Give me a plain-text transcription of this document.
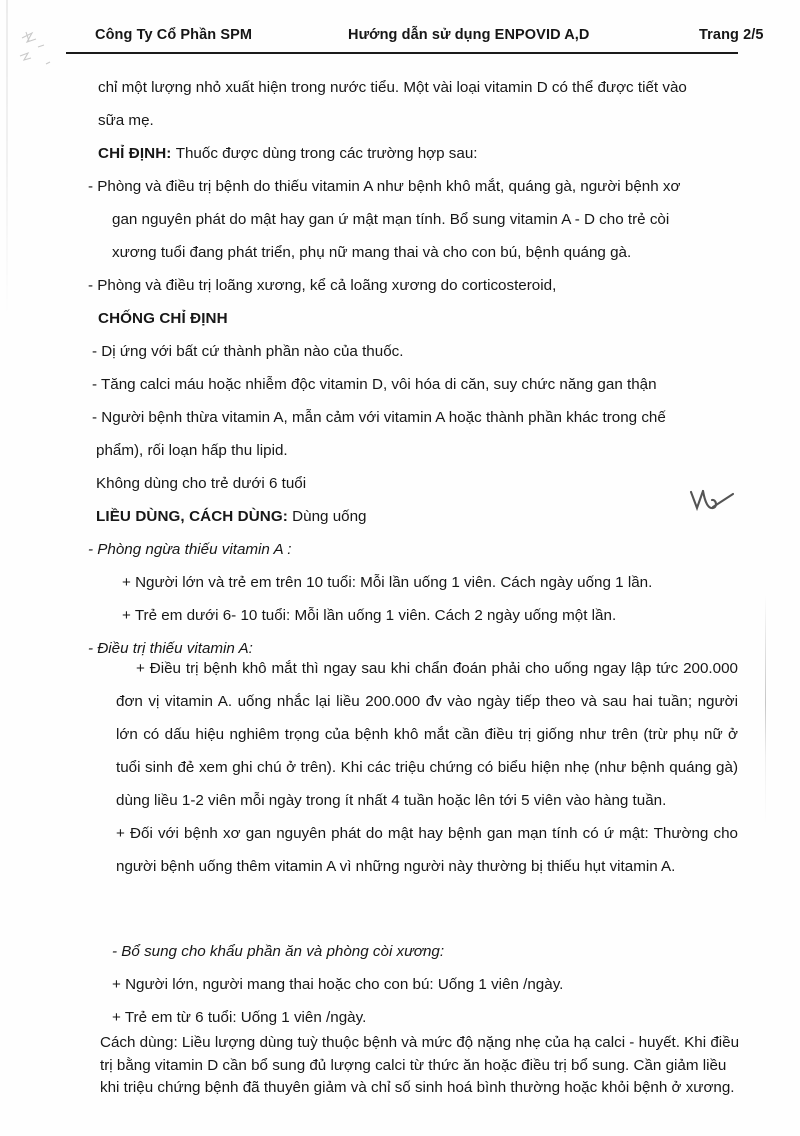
Công Ty Cổ Phần SPM	Hướng dẫn sử dụng ENPOVID A,D	Trang 2/5
chỉ một lượng nhỏ xuất hiện trong nước tiểu. Một vài loại vitamin D có thể được tiết vào
sữa mẹ.
CHỈ ĐỊNH: Thuốc được dùng trong các trường hợp sau:
- Phòng và điều trị bệnh do thiếu vitamin A như bệnh khô mắt, quáng gà, người bệnh xơ
gan nguyên phát do mật hay gan ứ mật mạn tính. Bổ sung vitamin A - D cho trẻ còi
xương tuổi đang phát triển, phụ nữ mang thai và cho con bú, bệnh quáng gà.
- Phòng và điều trị loãng xương, kể cả loãng xương do corticosteroid,
CHỐNG CHỈ ĐỊNH
- Dị ứng với bất cứ thành phần nào của thuốc.
- Tăng calci máu hoặc nhiễm độc vitamin D, vôi hóa di căn, suy chức năng gan thận
- Người bệnh thừa vitamin A, mẫn cảm với vitamin A hoặc thành phần khác trong chế
phẩm), rối loạn hấp thu lipid.
Không dùng cho trẻ dưới 6 tuổi
LIỀU DÙNG, CÁCH DÙNG: Dùng uống
- Phòng ngừa thiếu vitamin A :
+ Người lớn và trẻ em trên 10 tuổi: Mỗi lần uống 1 viên. Cách ngày uống 1 lần.
+ Trẻ em dưới 6- 10 tuổi: Mỗi lần uống 1 viên. Cách 2 ngày uống một lần.
- Điều trị thiếu vitamin A:
+ Điều trị bệnh khô mắt thì ngay sau khi chẩn đoán phải cho uống ngay lập tức 200.000 đơn vị vitamin A. uống nhắc lại liều 200.000 đv vào ngày tiếp theo và sau hai tuần; người lớn có dấu hiệu nghiêm trọng của bệnh khô mắt cần điều trị giống như trên (trừ phụ nữ ở tuổi sinh đẻ xem ghi chú ở trên). Khi các triệu chứng có biểu hiện nhẹ (như bệnh quáng gà) dùng liều 1-2 viên mỗi ngày trong ít nhất 4 tuần hoặc lên tới 5 viên vào hàng tuần.
+ Đối với bệnh xơ gan nguyên phát do mật hay bệnh gan mạn tính có ứ mật: Thường cho người bệnh uống thêm vitamin A vì những người này thường bị thiếu hụt vitamin A.
- Bổ sung cho khẩu phần ăn và phòng còi xương:
+ Người lớn, người mang thai hoặc cho con bú: Uống 1 viên /ngày.
+ Trẻ em từ 6 tuổi: Uống 1 viên /ngày.
Cách dùng: Liều lượng dùng tuỳ thuộc bệnh và mức độ nặng nhẹ của hạ calci - huyết. Khi điều trị bằng vitamin D cần bổ sung đủ lượng calci từ thức ăn hoặc điều trị bổ sung. Cần giảm liều khi triệu chứng bệnh đã thuyên giảm và chỉ số sinh hoá bình thường hoặc khỏi bệnh ở xương.
